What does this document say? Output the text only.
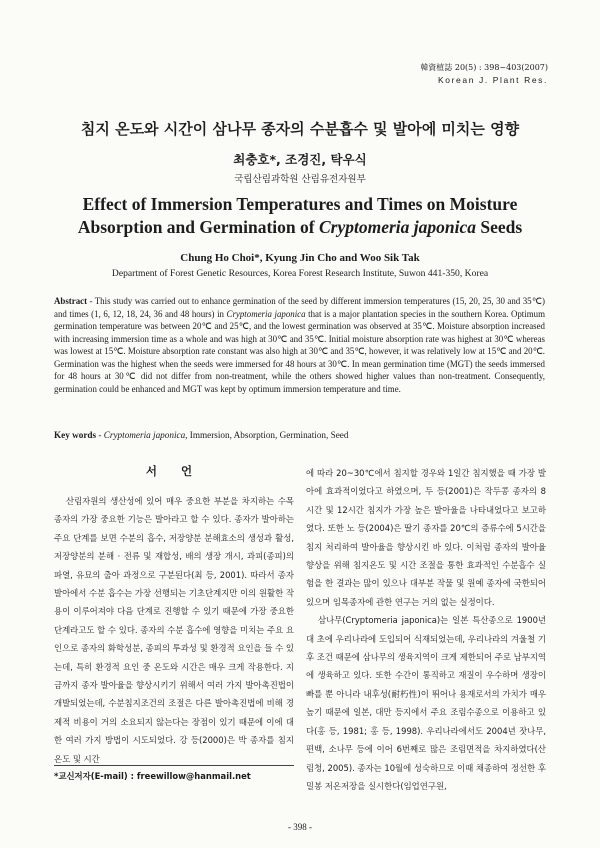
韓資植誌 20(5) : 398~403(2007)
Korean J. Plant Res.
침지 온도와 시간이 삼나무 종자의 수분흡수 및 발아에 미치는 영향
최충호*, 조경진, 탁우식
국립산림과학원 산림유전자원부
Effect of Immersion Temperatures and Times on Moisture
Absorption and Germination of Cryptomeria japonica Seeds
Chung Ho Choi*, Kyung Jin Cho and Woo Sik Tak
Department of Forest Genetic Resources, Korea Forest Research Institute, Suwon 441-350, Korea
Abstract - This study was carried out to enhance germination of the seed by different immersion temperatures (15, 20, 25, 30 and 35℃) and times (1, 6, 12, 18, 24, 36 and 48 hours) in Cryptomeria japonica that is a major plantation species in the southern Korea. Optimum germination temperature was between 20℃ and 25℃, and the lowest germination was observed at 35℃. Moisture absorption increased with increasing immersion time as a whole and was high at 30℃ and 35℃. Initial moisture absorption rate was highest at 30℃ whereas was lowest at 15℃. Moisture absorption rate constant was also high at 30℃ and 35℃, however, it was relatively low at 15℃ and 20℃. Germination was the highest when the seeds were immersed for 48 hours at 30℃. In mean germination time (MGT) the seeds immersed for 48 hours at 30℃ did not differ from non-treatment, while the others showed higher values than non-treatment. Consequently, germination could be enhanced and MGT was kept by optimum immersion temperature and time.
Key words - Cryptomeria japonica, Immersion, Absorption, Germination, Seed
서 언

산림자원의 생산성에 있어 매우 중요한 부분을 차지하는 수목 종자의 가장 중요한 기능은 발아라고 할 수 있다. 종자가 발아하는 주요 단계를 보면 수분의 흡수, 저장양분 분해효소의 생성과 활성, 저장양분의 분해 · 전류 및 재합성, 배의 생장 개시, 과피(종피)의 파열, 유묘의 출아 과정으로 구분된다(최 등, 2001). 따라서 종자 발아에서 수분 흡수는 가장 선행되는 기초단계지만 이의 원활한 작용이 이루어져야 다음 단계로 진행할 수 있기 때문에 가장 중요한 단계라고도 할 수 있다. 종자의 수분 흡수에 영향을 미치는 주요 요인으로 종자의 화학성분, 종피의 투과성 및 환경적 요인을 들 수 있는데, 특히 환경적 요인 중 온도와 시간은 매우 크게 작용한다. 지금까지 종자 발아율을 향상시키기 위해서 여러 가지 발아촉진법이 개발되었는데, 수분침지조건의 조절은 다른 발아촉진법에 비해 경제적 비용이 거의 소요되지 않는다는 장점이 있기 때문에 이에 대한 여러 가지 방법이 시도되었다. 강 등(2000)은 박 종자를 침지온도 및 시간

에 따라 20~30℃에서 침지할 경우와 1일간 침지했을 때 가장 발아에 효과적이었다고 하였으며, 두 등(2001)은 작두콩 종자의 8시간 및 12시간 침지가 가장 높은 발아율을 나타내었다고 보고하였다. 또한 노 등(2004)은 딸기 종자를 20℃의 증류수에 5시간을 침지 처리하여 발아율을 향상시킨 바 있다. 이처럼 종자의 발아율 향상을 위해 침지온도 및 시간 조절을 통한 효과적인 수분흡수 실험을 한 결과는 많이 있으나 대부분 작물 및 원예 종자에 국한되어 있으며 임목종자에 관한 연구는 거의 없는 실정이다.

삼나무(Cryptomeria japonica)는 일본 특산종으로 1900년대 초에 우리나라에 도입되어 식재되었는데, 우리나라의 겨울철 기후 조건 때문에 삼나무의 생육지역이 크게 제한되어 주로 남부지역에 생육하고 있다. 또한 수간이 통직하고 재질이 우수하며 생장이 빠를 뿐 아니라 내후성(耐朽性)이 뛰어나 용재로서의 가치가 매우 높기 때문에 일본, 대만 등지에서 주요 조림수종으로 이용하고 있다(홍 등, 1981; 홍 등, 1998). 우리나라에서도 2004년 잣나무, 편백, 소나무 등에 이어 6번째로 많은 조림면적을 차지하였다(산림청, 2005). 종자는 10월에 성숙하므로 이때 채종하여 정선한 후 밀봉 저온저장을 실시한다(임업연구원,

*교신저자(E-mail) : freewillow@hanmail.net
- 398 -
